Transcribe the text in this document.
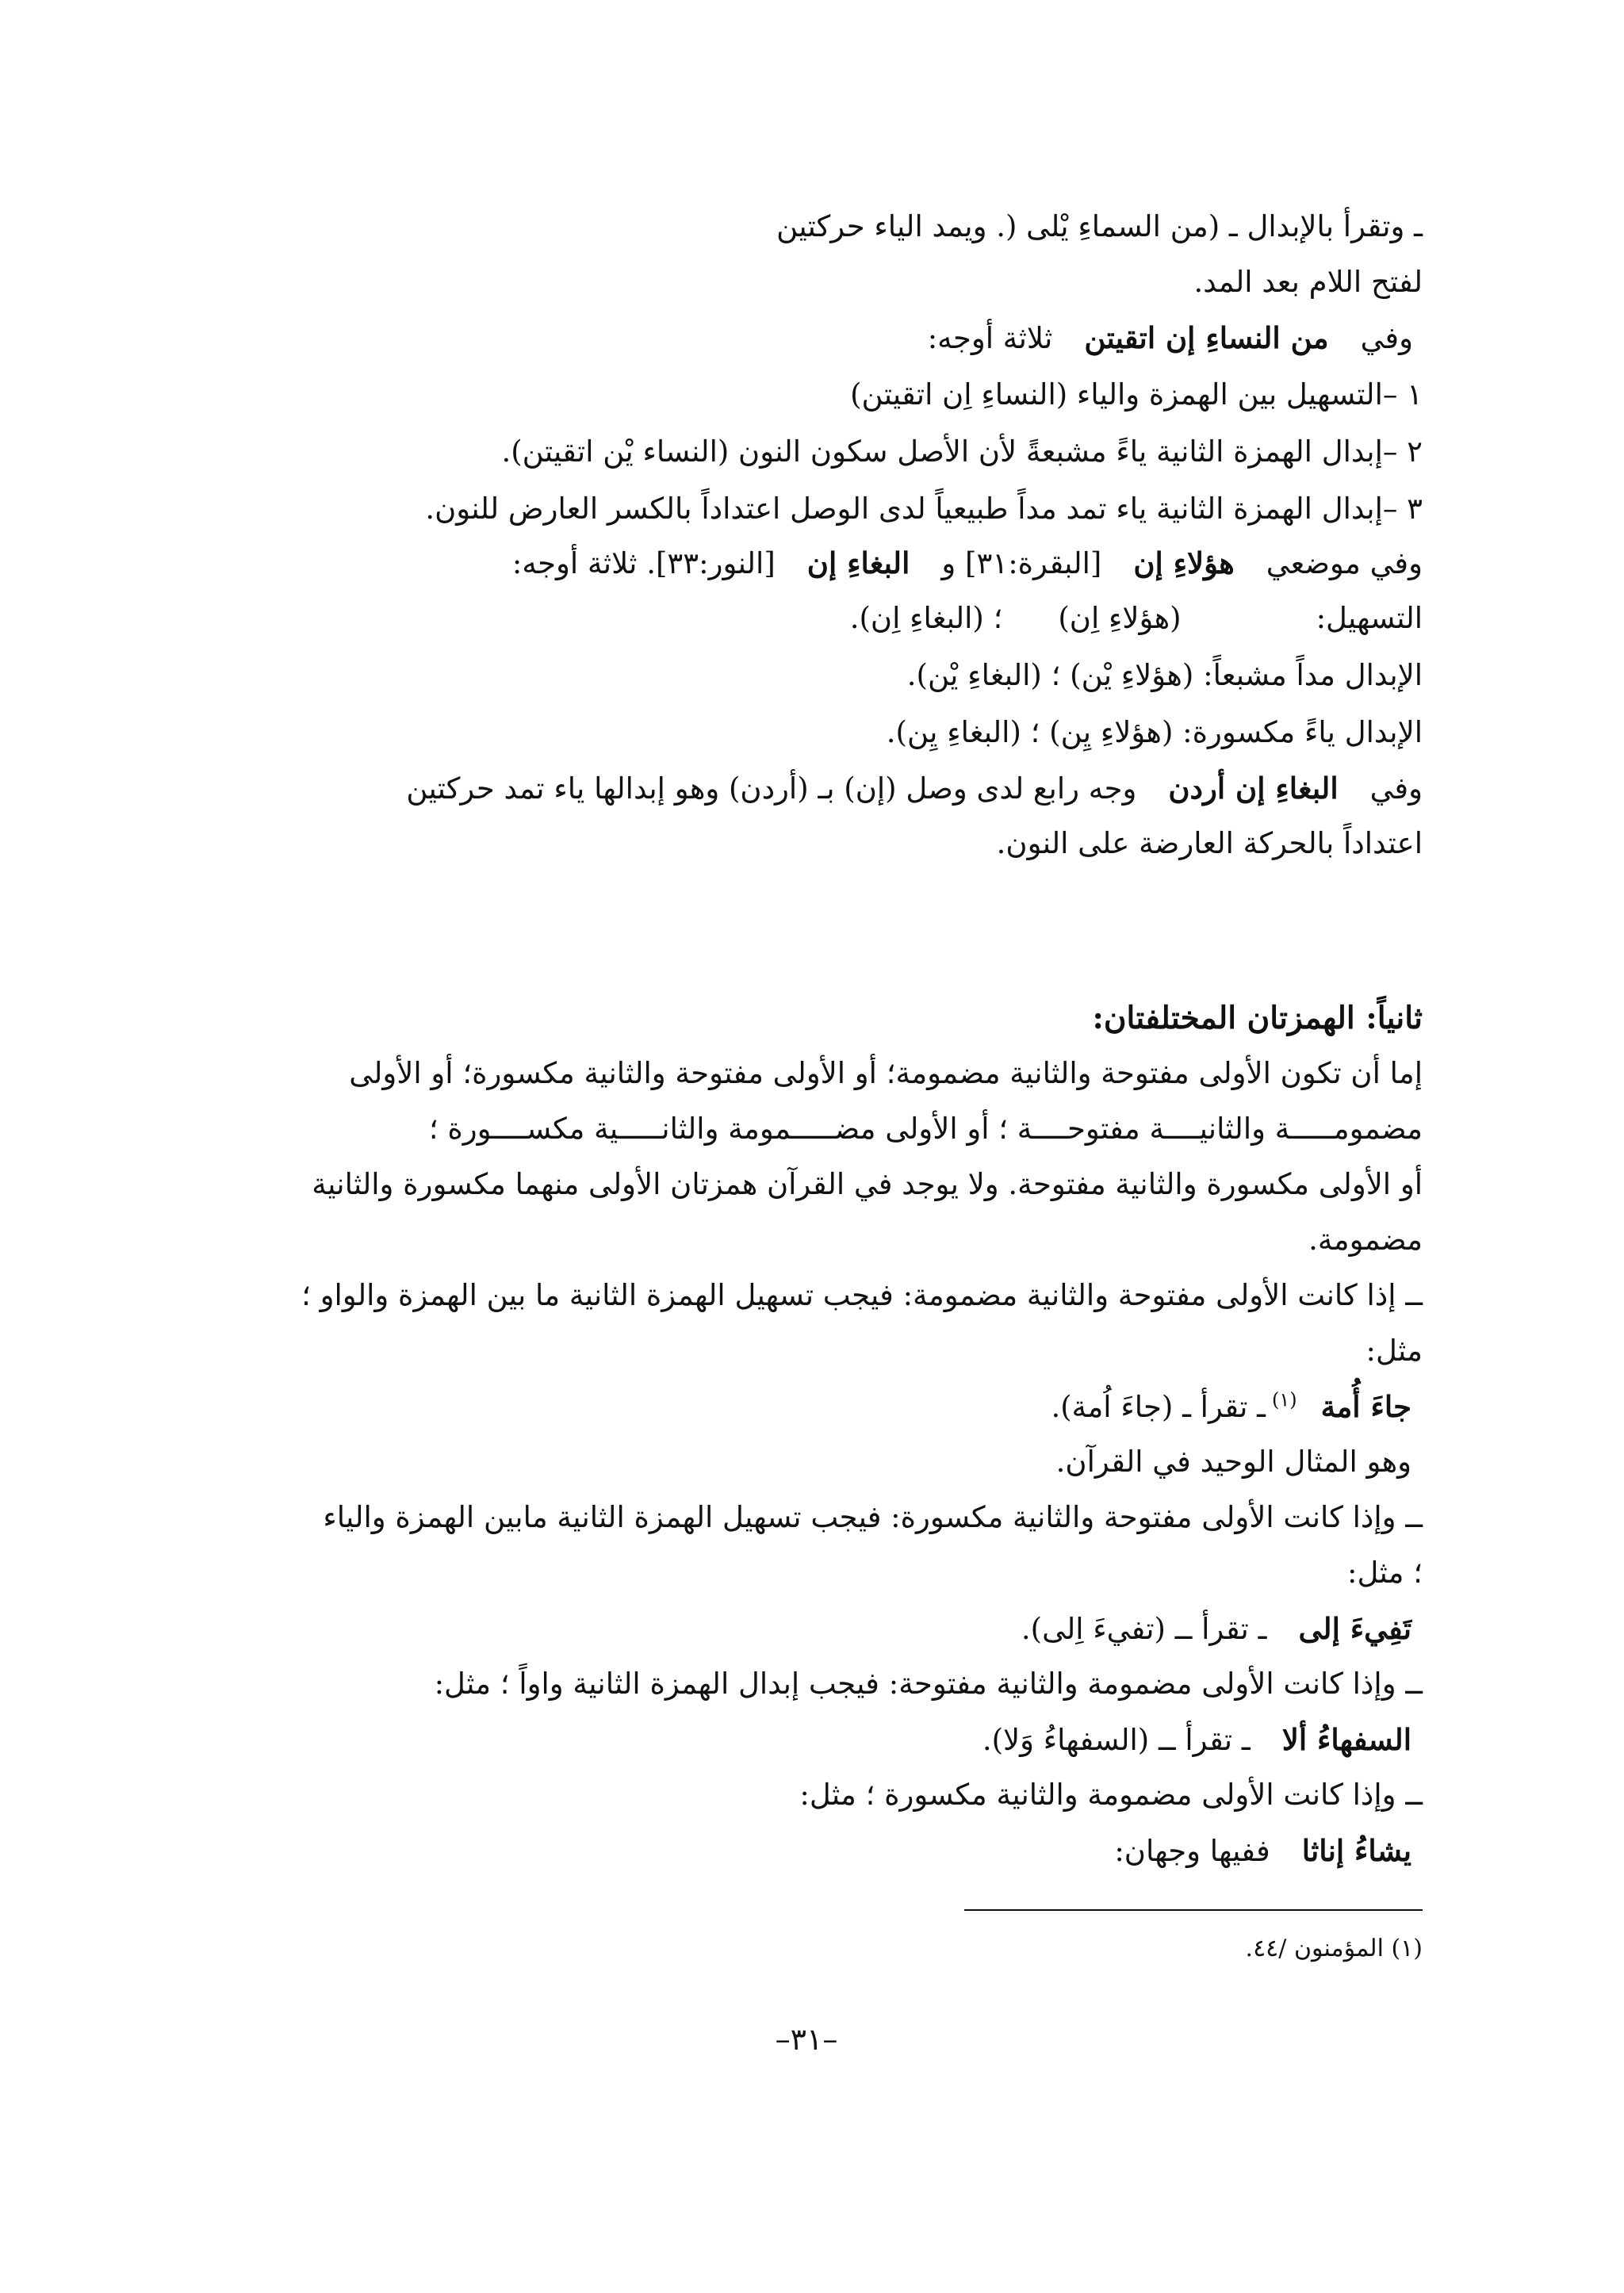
ـ وتقرأ بالإبدال ـ (من السماءِ يْلى (. ويمد الياء حركتين
لفتح اللام بعد المد.
وفيمن النساءِ إن اتقيتنثلاثة أوجه:
١ –التسهيل بين الهمزة والياء (النساءِ اِن اتقيتن)
٢ –إبدال الهمزة الثانية ياءً مشبعةً لأن الأصل سكون النون (النساء يْن اتقيتن).
٣ –إبدال الهمزة الثانية ياء تمد مداً طبيعياً لدى الوصل اعتداداً بالكسر العارض للنون.
وفي موضعيهؤلاءِ إن[البقرة:٣١] والبغاءِ إن[النور:٣٣]. ثلاثة أوجه:
التسهيل:(هؤلاءِ اِن)؛ (البغاءِ اِن).
الإبدال مداً مشبعاً: (هؤلاءِ يْن) ؛ (البغاءِ يْن).
الإبدال ياءً مكسورة: (هؤلاءِ يِن) ؛ (البغاءِ يِن).
وفيالبغاءِ إن أردنوجه رابع لدى وصل (إن) بـ (أردن) وهو إبدالها ياء تمد حركتين
اعتداداً بالحركة العارضة على النون.
ثانياً: الهمزتان المختلفتان:
إما أن تكون الأولى مفتوحة والثانية مضمومة؛ أو الأولى مفتوحة والثانية مكسورة؛ أو الأولى
مضمومـــــة والثانيــــة مفتوحــــة ؛ أو الأولى مضـــــمومة والثانـــــية مكســــورة ؛
أو الأولى مكسورة والثانية مفتوحة. ولا يوجد في القرآن همزتان الأولى منهما مكسورة والثانية
مضمومة.
ــ إذا كانت الأولى مفتوحة والثانية مضمومة: فيجب تسهيل الهمزة الثانية ما بين الهمزة والواو ؛
مثل:
جاءَ أُمة$^{(١)}$ـ تقرأ ـ (جاءَ اُمة).
وهو المثال الوحيد في القرآن.
ــ وإذا كانت الأولى مفتوحة والثانية مكسورة: فيجب تسهيل الهمزة الثانية مابين الهمزة والياء
؛ مثل:
تَفِيءَ إلىـ تقرأ ــ (تفيءَ اِلى).
ــ وإذا كانت الأولى مضمومة والثانية مفتوحة: فيجب إبدال الهمزة الثانية واواً ؛ مثل:
السفهاءُ ألاـ تقرأ ــ (السفهاءُ وَلا).
ــ وإذا كانت الأولى مضمومة والثانية مكسورة ؛ مثل:
يشاءُ إناثاففيها وجهان:
(١) المؤمنون /٤٤.
–٣١–
